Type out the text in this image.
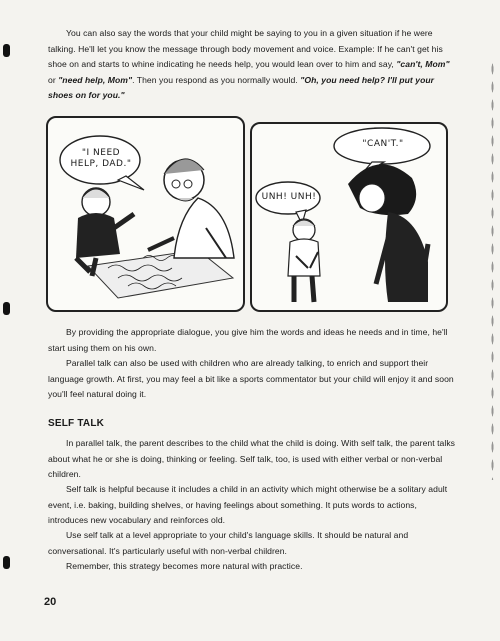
You can also say the words that your child might be saying to you in a given situation if he were talking. He'll let you know the message through body movement and voice. Example: If he can't get his shoe on and starts to whine indicating he needs help, you would lean over to him and say, "can't, Mom" or "need help, Mom". Then you respond as you normally would. "Oh, you need help? I'll put your shoes on for you."

"I NEED HELP, DAD."
"CAN'T."
UNH! UNH!

By providing the appropriate dialogue, you give him the words and ideas he needs and in time, he'll start using them on his own.

Parallel talk can also be used with children who are already talking, to enrich and support their language growth. At first, you may feel a bit like a sports commentator but your child will enjoy it and soon you'll feel natural doing it.

SELF TALK

In parallel talk, the parent describes to the child what the child is doing. With self talk, the parent talks about what he or she is doing, thinking or feeling. Self talk, too, is used with either verbal or non-verbal children.

Self talk is helpful because it includes a child in an activity which might otherwise be a solitary adult event, i.e. baking, building shelves, or having feelings about something. It puts words to actions, introduces new vocabulary and reinforces old.

Use self talk at a level appropriate to your child's language skills. It should be natural and conversational. It's particularly useful with non-verbal children.

Remember, this strategy becomes more natural with practice.

20
